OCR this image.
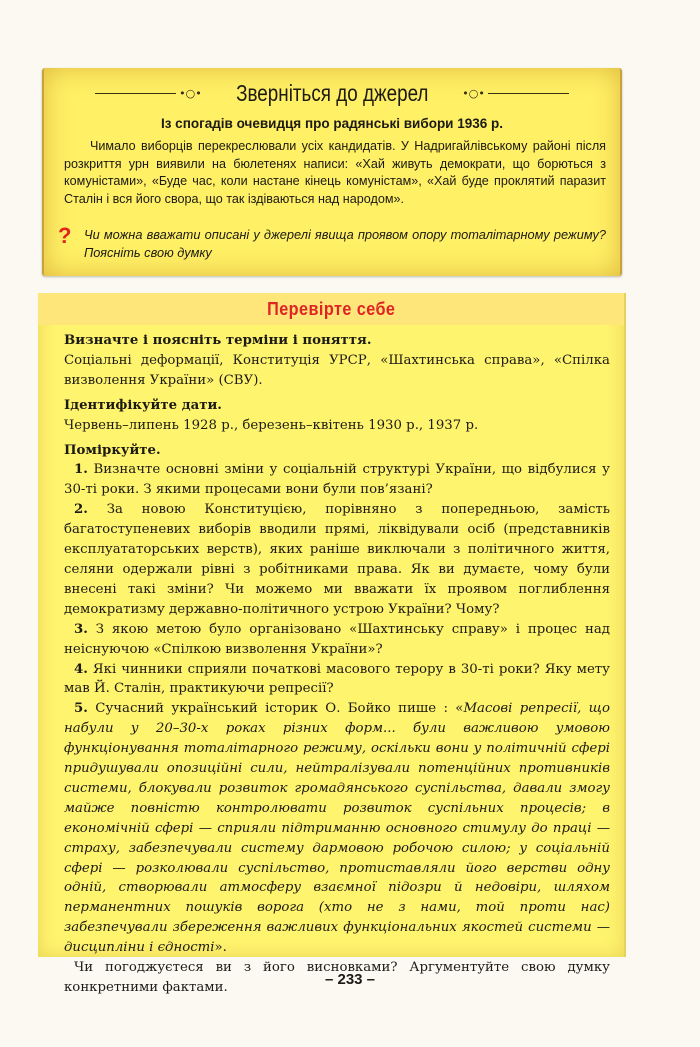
•○• Зверніться до джерел	•○•
Із спогадів очевидця про радянські вибори 1936 р.

Чимало виборців перекреслювали усіх кандидатів. У Надригайлівському районі після розкриття урн виявили на бюлетенях написи: «Хай живуть демократи, що борються з комуністами», «Буде час, коли настане кінець комуністам», «Хай буде проклятий паразит Сталін і вся його свора, що так іздіваються над народом».

? Чи можна вважати описані у джерелі явища проявом опору тоталітарному режиму? Поясніть свою думку
Перевірте себе

Визначте і поясніть терміни і поняття.

Соціальні деформації, Конституція УРСР, «Шахтинська справа», «Спілка визволення України» (СВУ).

Ідентифікуйте дати.

Червень–липень 1928 р., березень–квітень 1930 р., 1937 р.

Поміркуйте.

1. Визначте основні зміни у соціальній структурі України, що відбулися у 30-ті роки. З якими процесами вони були пов’язані?

2. За новою Конституцією, порівняно з попередньою, замість багатоступеневих виборів вводили прямі, ліквідували осіб (представників експлуататорських верств), яких раніше виключали з політичного життя, селяни одержали рівні з робітниками права. Як ви думаєте, чому були внесені такі зміни? Чи можемо ми вважати їх проявом поглиблення демократизму державно-політичного устрою України? Чому?

3. З якою метою було організовано «Шахтинську справу» і процес над неіснуючою «Спілкою визволення України»?

4. Які чинники сприяли початкові масового терору в 30-ті роки? Яку мету мав Й. Сталін, практикуючи репресії?

5. Сучасний український історик О. Бойко пише : «Масові репресії, що набули у 20–30-х роках різних форм... були важливою умовою функціонування тоталітарного режиму, оскільки вони у політичній сфері придушували опозиційні сили, нейтралізували потенційних противників системи, блокували розвиток громадянського суспільства, давали змогу майже повністю контролювати розвиток суспільних процесів; в економічній сфері — сприяли підтриманню основного стимулу до праці — страху, забезпечували систему дармовою робочою силою; у соціальній сфері — розколювали суспільство, протиставляли його верстви одну одній, створювали атмосферу взаємної підозри й недовіри, шляхом перманентних пошуків ворога (хто не з нами, той проти нас) забезпечували збереження важливих функціональних якостей системи — дисципліни і єдності».

Чи погоджуєтеся ви з його висновками? Аргументуйте свою думку конкретними фактами.	– 233 –
